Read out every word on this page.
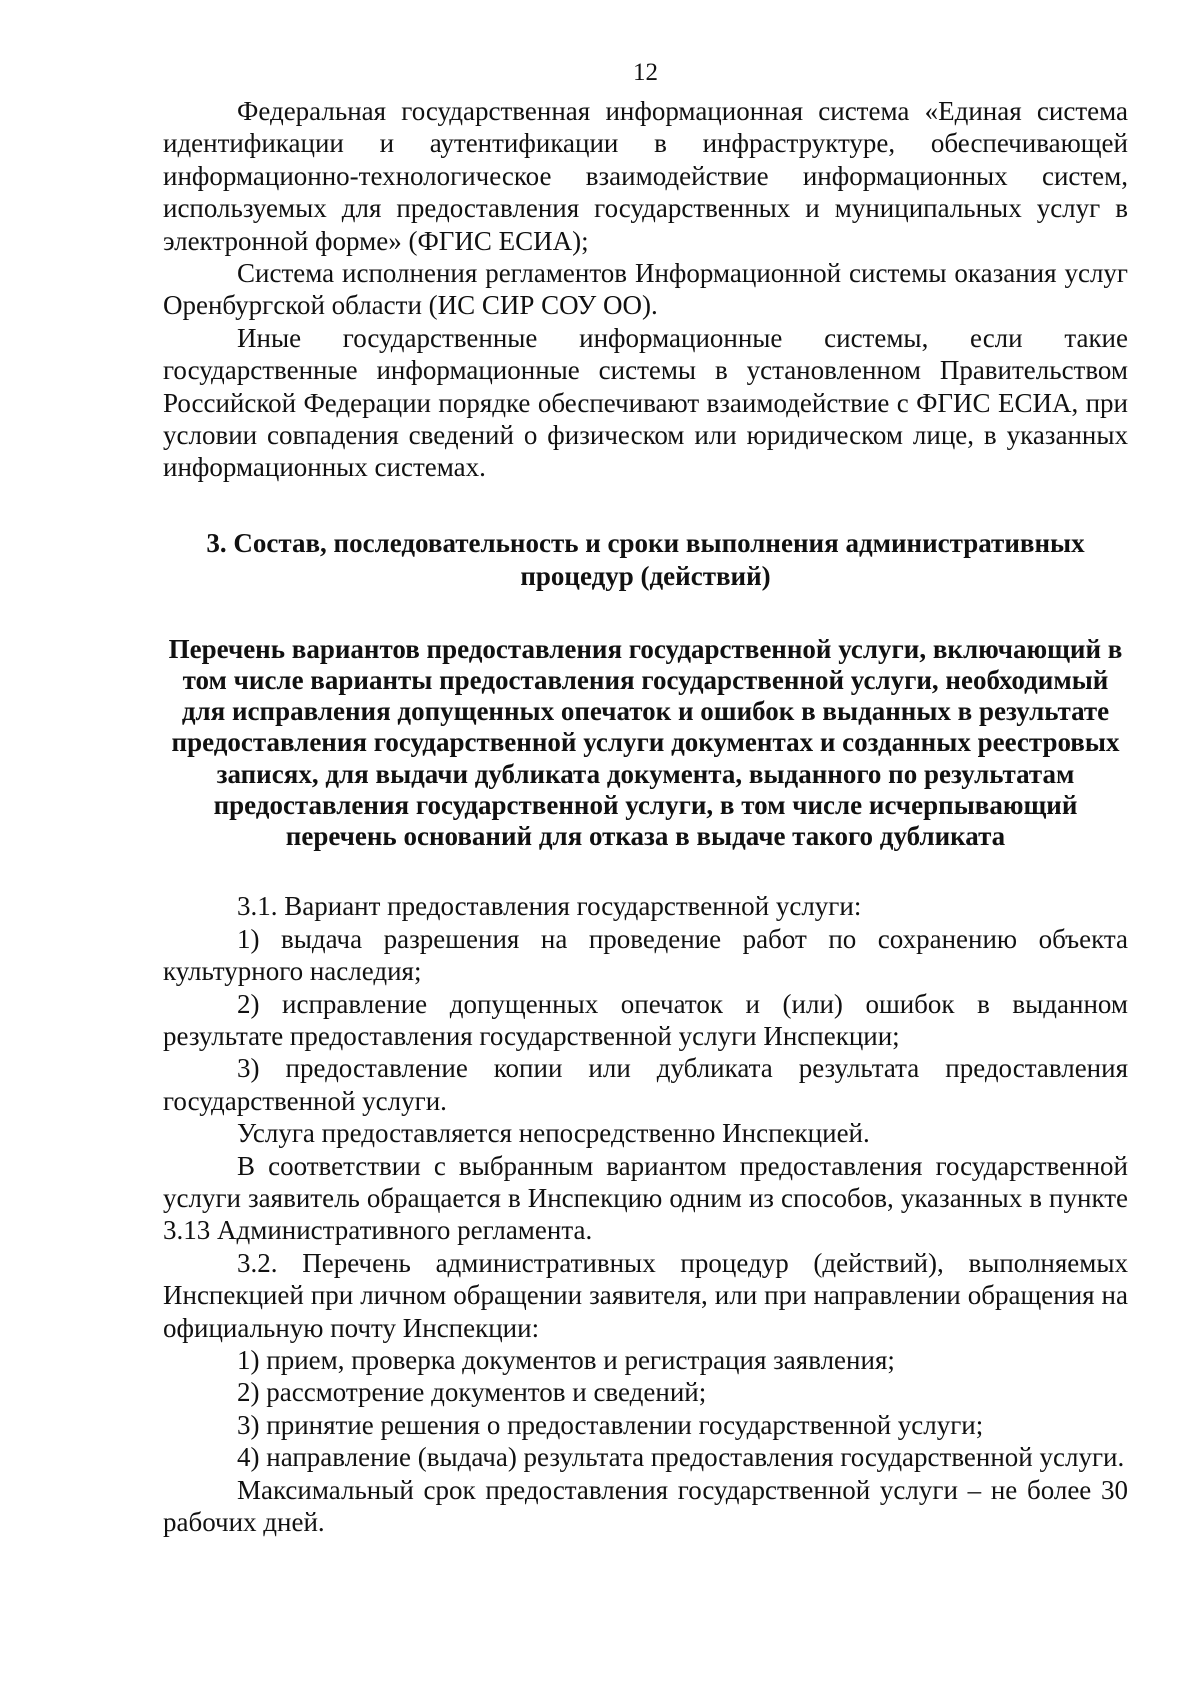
12

Федеральная государственная информационная система «Единая система идентификации и аутентификации в инфраструктуре, обеспечивающей информационно-технологическое взаимодействие информационных систем, используемых для предоставления государственных и муниципальных услуг в электронной форме» (ФГИС ЕСИА);

Система исполнения регламентов Информационной системы оказания услуг Оренбургской области (ИС СИР СОУ ОО).

Иные государственные информационные системы, если такие государственные информационные системы в установленном Правительством Российской Федерации порядке обеспечивают взаимодействие с ФГИС ЕСИА, при условии совпадения сведений о физическом или юридическом лице, в указанных информационных системах.

3. Состав, последовательность и сроки выполнения административных процедур (действий)

Перечень вариантов предоставления государственной услуги, включающий в том числе варианты предоставления государственной услуги, необходимый для исправления допущенных опечаток и ошибок в выданных в результате предоставления государственной услуги документах и созданных реестровых записях, для выдачи дубликата документа, выданного по результатам предоставления государственной услуги, в том числе исчерпывающий перечень оснований для отказа в выдаче такого дубликата

3.1. Вариант предоставления государственной услуги:

1) выдача разрешения на проведение работ по сохранению объекта культурного наследия;

2) исправление допущенных опечаток и (или) ошибок в выданном результате предоставления государственной услуги Инспекции;

3) предоставление копии или дубликата результата предоставления государственной услуги.

Услуга предоставляется непосредственно Инспекцией.

В соответствии с выбранным вариантом предоставления государственной услуги заявитель обращается в Инспекцию одним из способов, указанных в пункте 3.13 Административного регламента.

3.2. Перечень административных процедур (действий), выполняемых Инспекцией при личном обращении заявителя, или при направлении обращения на официальную почту Инспекции:

1) прием, проверка документов и регистрация заявления;

2) рассмотрение документов и сведений;

3) принятие решения о предоставлении государственной услуги;

4) направление (выдача) результата предоставления государственной услуги.

Максимальный срок предоставления государственной услуги – не более 30 рабочих дней.
